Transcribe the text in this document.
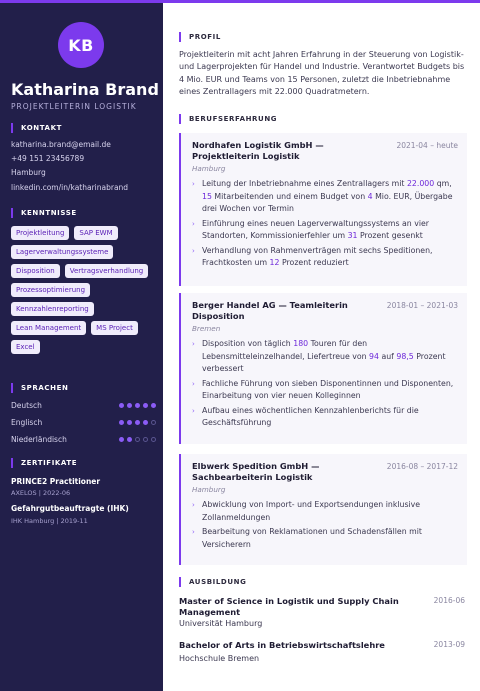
KB
Katharina Brand
PROJEKTLEITERIN LOGISTIK
KONTAKT
katharina.brand@email.de
+49 151 23456789
Hamburg
linkedin.com/in/katharinabrand
KENNTNISSE
Projektleitung	SAP EWM
Lagerverwaltungssysteme
Disposition	Vertragsverhandlung
Prozessoptimierung
Kennzahlenreporting
Lean Management	MS Project
Excel
SPRACHEN
Deutsch
Englisch
Niederländisch
ZERTIFIKATE
PRINCE2 Practitioner
AXELOS | 2022-06
Gefahrgutbeauftragte (IHK)
IHK Hamburg | 2019-11
PROFIL

Projektleiterin mit acht Jahren Erfahrung in der Steuerung von Logistik- und Lagerprojekten für Handel und Industrie. Verantwortet Budgets bis 4 Mio. EUR und Teams von 15 Personen, zuletzt die Inbetriebnahme eines Zentrallagers mit 22.000 Quadratmetern.

BERUFSERFAHRUNG
Nordhafen Logistik GmbH — Projektleiterin Logistik
2021-04 – heute
Hamburg
› Leitung der Inbetriebnahme eines Zentrallagers mit 22.000 qm, 15 Mitarbeitenden und einem Budget von 4 Mio. EUR, Übergabe drei Wochen vor Termin
› Einführung eines neuen Lagerverwaltungssystems an vier Standorten, Kommissionierfehler um 31 Prozent gesenkt
› Verhandlung von Rahmenverträgen mit sechs Speditionen, Frachtkosten um 12 Prozent reduziert
Berger Handel AG — Teamleiterin Disposition
2018-01 – 2021-03
Bremen
› Disposition von täglich 180 Touren für den Lebensmitteleinzelhandel, Liefertreue von 94 auf 98,5 Prozent verbessert
› Fachliche Führung von sieben Disponentinnen und Disponenten, Einarbeitung von vier neuen Kolleginnen
› Aufbau eines wöchentlichen Kennzahlenberichts für die Geschäftsführung
Elbwerk Spedition GmbH — Sachbearbeiterin Logistik
2016-08 – 2017-12
Hamburg
› Abwicklung von Import- und Exportsendungen inklusive Zollanmeldungen
› Bearbeitung von Reklamationen und Schadensfällen mit Versicherern
AUSBILDUNG
Master of Science in Logistik und Supply Chain Management
2016-06
Universität Hamburg
Bachelor of Arts in Betriebswirtschaftslehre	2013-09
Hochschule Bremen
